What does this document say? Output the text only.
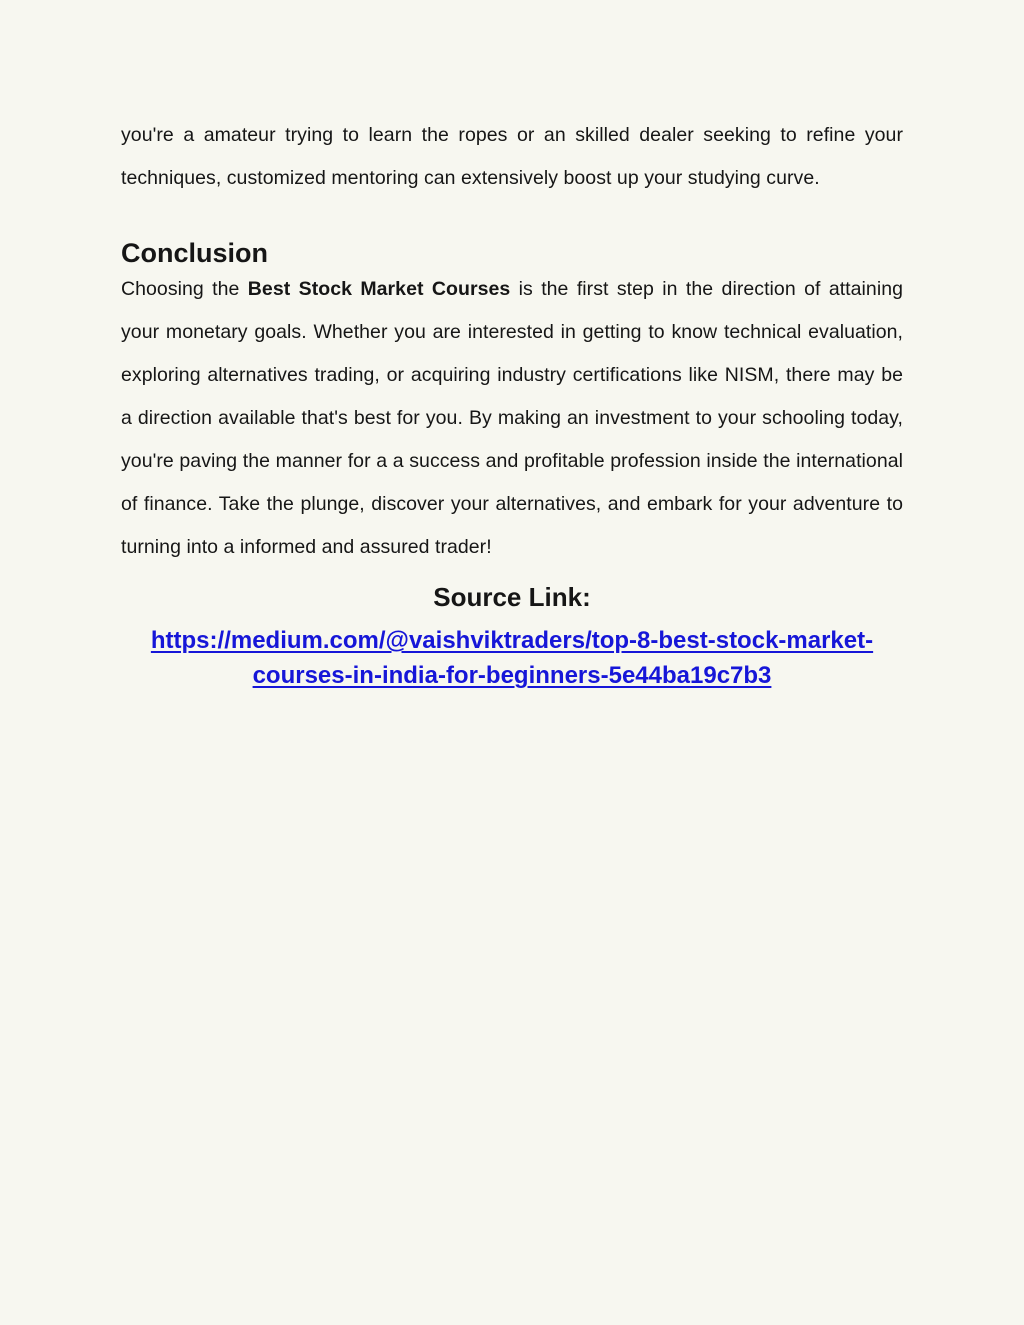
you're a amateur trying to learn the ropes or an skilled dealer seeking to refine your techniques, customized mentoring can extensively boost up your studying curve.

Conclusion

Choosing the Best Stock Market Courses is the first step in the direction of attaining your monetary goals. Whether you are interested in getting to know technical evaluation, exploring alternatives trading, or acquiring industry certifications like NISM, there may be a direction available that's best for you. By making an investment to your schooling today, you're paving the manner for a a success and profitable profession inside the international of finance. Take the plunge, discover your alternatives, and embark for your adventure to turning into a informed and assured trader!

Source Link:
https://medium.com/@vaishviktraders/top-8-best-stock-market-
courses-in-india-for-beginners-5e44ba19c7b3
